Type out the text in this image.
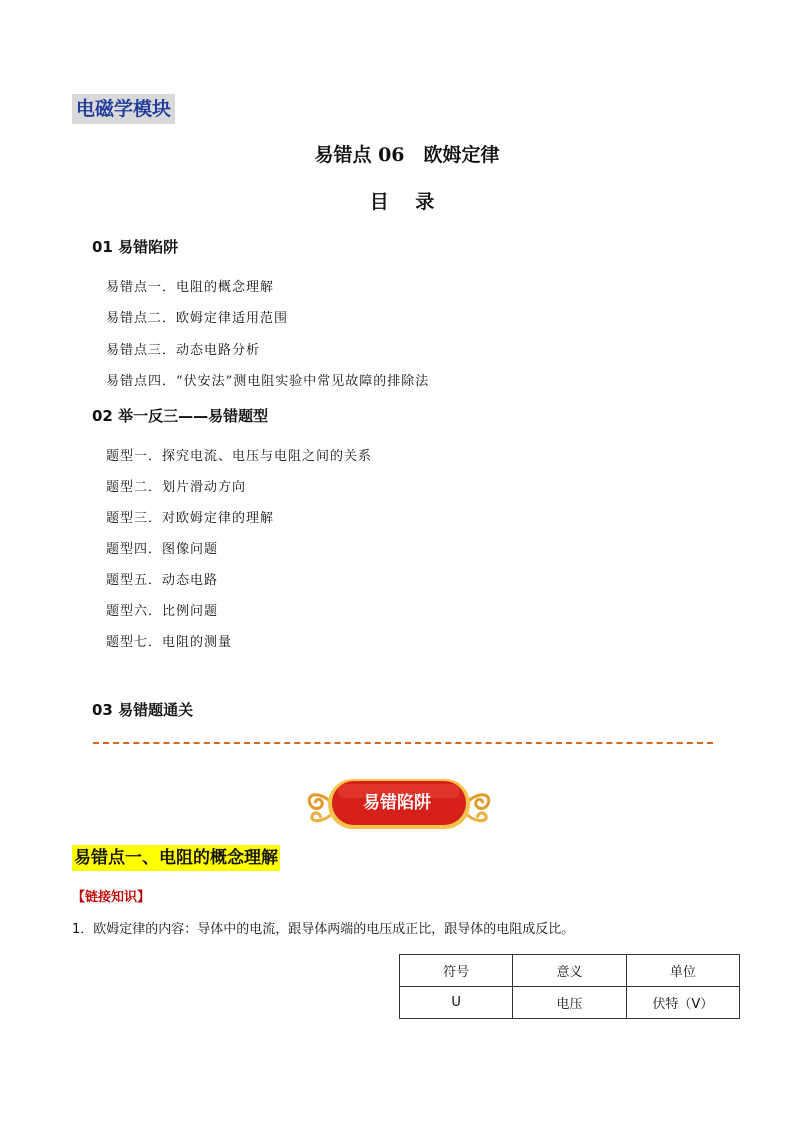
电磁学模块
易错点 06　欧姆定律
目 录
01 易错陷阱
易错点一．电阻的概念理解
易错点二．欧姆定律适用范围
易错点三．动态电路分析
易错点四．“伏安法”测电阻实验中常见故障的排除法
02 举一反三——易错题型
题型一．探究电流、电压与电阻之间的关系
题型二．划片滑动方向
题型三．对欧姆定律的理解
题型四．图像问题
题型五．动态电路
题型六．比例问题
题型七．电阻的测量
03 易错题通关
易错陷阱
易错点一、电阻的概念理解
【链接知识】
1．欧姆定律的内容：导体中的电流，跟导体两端的电压成正比，跟导体的电阻成反比。
符号	意义	单位
U	电压	伏特（V）
